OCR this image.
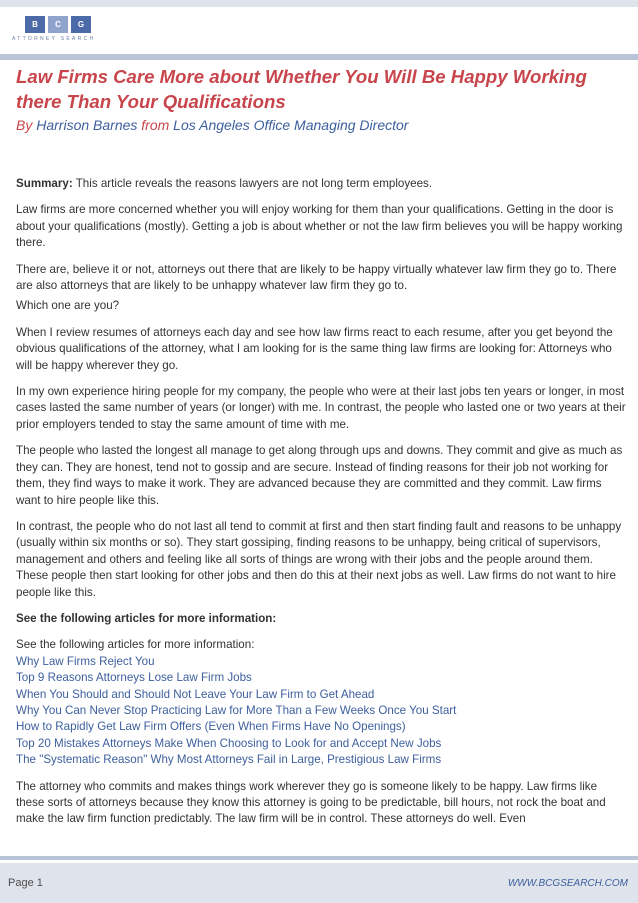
B	C	G
ATTORNEY SEARCH
Law Firms Care More about Whether You Will Be Happy Working there Than Your Qualifications
By Harrison Barnes from Los Angeles Office Managing Director

Summary: This article reveals the reasons lawyers are not long term employees.

Law firms are more concerned whether you will enjoy working for them than your qualifications. Getting in the door is about your qualifications (mostly). Getting a job is about whether or not the law firm believes you will be happy working there.

There are, believe it or not, attorneys out there that are likely to be happy virtually whatever law firm they go to. There are also attorneys that are likely to be unhappy whatever law firm they go to.

Which one are you?

When I review resumes of attorneys each day and see how law firms react to each resume, after you get beyond the obvious qualifications of the attorney, what I am looking for is the same thing law firms are looking for: Attorneys who will be happy wherever they go.

In my own experience hiring people for my company, the people who were at their last jobs ten years or longer, in most cases lasted the same number of years (or longer) with me. In contrast, the people who lasted one or two years at their prior employers tended to stay the same amount of time with me.

The people who lasted the longest all manage to get along through ups and downs. They commit and give as much as they can. They are honest, tend not to gossip and are secure. Instead of finding reasons for their job not working for them, they find ways to make it work. They are advanced because they are committed and they commit. Law firms want to hire people like this.

In contrast, the people who do not last all tend to commit at first and then start finding fault and reasons to be unhappy (usually within six months or so). They start gossiping, finding reasons to be unhappy, being critical of supervisors, management and others and feeling like all sorts of things are wrong with their jobs and the people around them. These people then start looking for other jobs and then do this at their next jobs as well. Law firms do not want to hire people like this.

See the following articles for more information:

See the following articles for more information:

Why Law Firms Reject You
Top 9 Reasons Attorneys Lose Law Firm Jobs
When You Should and Should Not Leave Your Law Firm to Get Ahead
Why You Can Never Stop Practicing Law for More Than a Few Weeks Once You Start
How to Rapidly Get Law Firm Offers (Even When Firms Have No Openings)
Top 20 Mistakes Attorneys Make When Choosing to Look for and Accept New Jobs
The "Systematic Reason" Why Most Attorneys Fail in Large, Prestigious Law Firms

The attorney who commits and makes things work wherever they go is someone likely to be happy. Law firms like these sorts of attorneys because they know this attorney is going to be predictable, bill hours, not rock the boat and make the law firm function predictably. The law firm will be in control. These attorneys do well. Even

Page 1	WWW.BCGSEARCH.COM
